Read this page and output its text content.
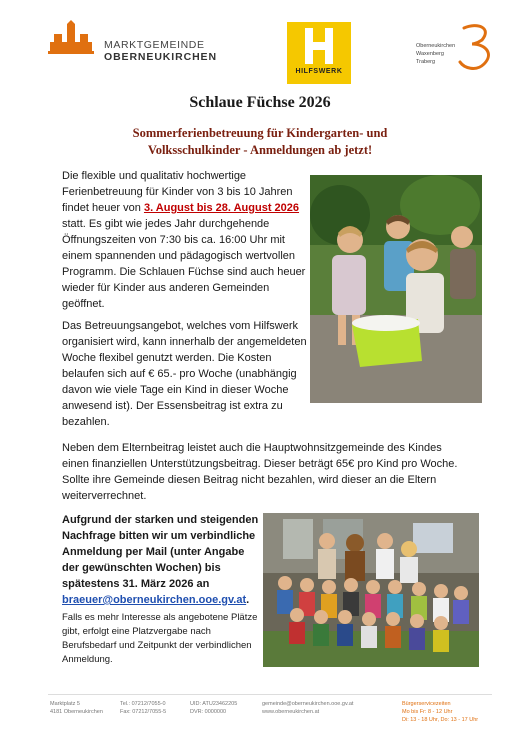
MARKTGEMEINDE
OBERNEUKIRCHEN
HILFSWERK
Oberneukirchen
Waxenberg
Traberg
Schlaue Füchse 2026
Sommerferienbetreuung für Kindergarten- und
Volksschulkinder - Anmeldungen ab jetzt!
Die flexible und qualitativ hochwertige Ferienbetreuung für Kinder von 3 bis 10 Jahren findet heuer von 3. August bis 28. August 2026 statt. Es gibt wie jedes Jahr durchgehende Öffnungszeiten von 7:30 bis ca. 16:00 Uhr mit einem spannenden und pädagogisch wertvollen Programm. Die Schlauen Füchse sind auch heuer wieder für Kinder aus anderen Gemeinden geöffnet.
Das Betreuungsangebot, welches vom Hilfswerk organisiert wird, kann innerhalb der angemeldeten Woche flexibel genutzt werden. Die Kosten belaufen sich auf € 65.- pro Woche (unabhängig davon wie viele Tage ein Kind in dieser Woche anwesend ist). Der Essensbeitrag ist extra zu bezahlen.
Neben dem Elternbeitrag leistet auch die Hauptwohnsitzgemeinde des Kindes einen finanziellen Unterstützungsbeitrag. Dieser beträgt 65€ pro Kind pro Woche. Sollte ihre Gemeinde diesen Beitrag nicht bezahlen, wird dieser an die Eltern weiterverrechnet.
Aufgrund der starken und steigenden Nachfrage bitten wir um verbindliche Anmeldung per Mail (unter Angabe der gewünschten Wochen) bis spätestens 31. März 2026 an braeuer@oberneukirchen.ooe.gv.at.
Falls es mehr Interesse als angebotene Plätze gibt, erfolgt eine Platzvergabe nach Berufsbedarf und Zeitpunkt der verbindlichen Anmeldung.
Marktplatz 5
4181 Oberneukirchen
Tel.: 07212/7055-0
Fax: 07212/7055-5
UID: ATU23462205
DVR: 0000000
gemeinde@oberneukirchen.ooe.gv.at
www.oberneukirchen.at
Bürgerservicezeiten
Mo bis Fr: 8 - 12 Uhr
Di: 13 - 18 Uhr, Do: 13 - 17 Uhr
